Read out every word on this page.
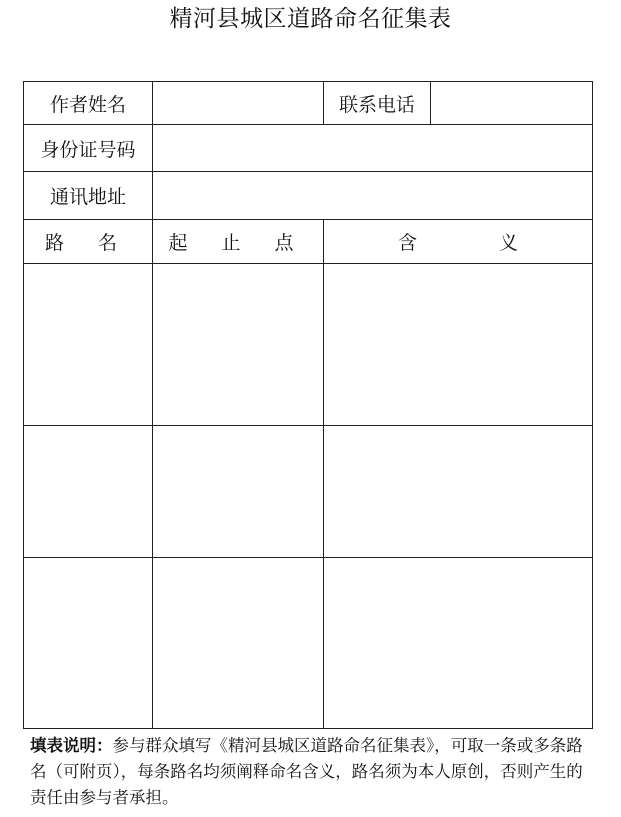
精河县城区道路命名征集表
作者姓名		联系电话	
身份证号码			
通讯地址			
路 名	起 止 点	含 义	

填表说明：参与群众填写《精河县城区道路命名征集表》，可取一条或多条路名（可附页），每条路名均须阐释命名含义，路名须为本人原创，否则产生的责任由参与者承担。
